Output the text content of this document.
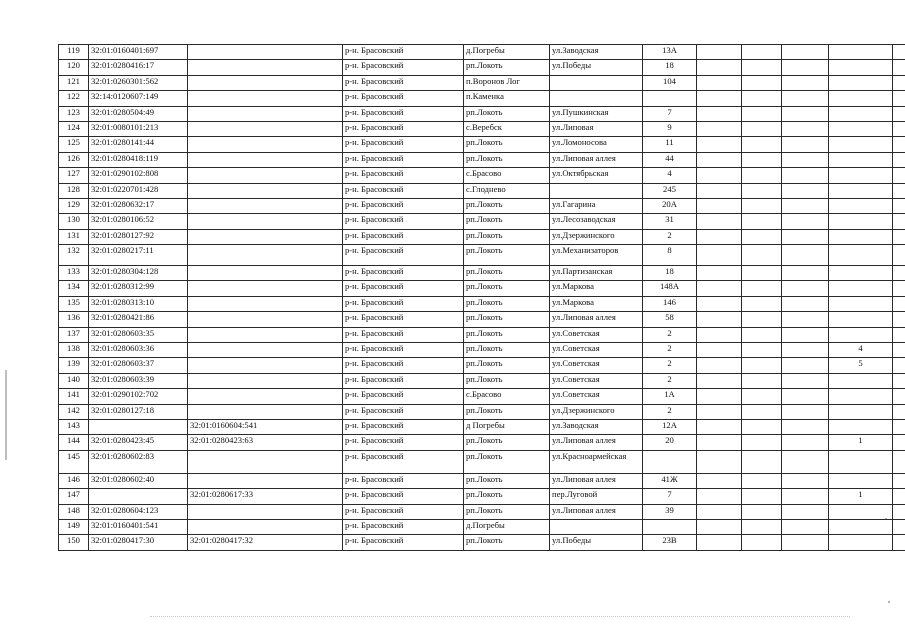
119	32:01:0160401:697		р-н. Брасовский	д.Погребы	ул.Заводская	13А					
120	32:01:0280416:17		р-н. Брасовский	рп.Локоть	ул.Победы	18					
121	32:01:0260301:562		р-н. Брасовский	п.Воронов Лог		104					
122	32:14:0120607:149		р-н. Брасовский	п.Каменка							
123	32:01:0280504:49		р-н. Брасовский	рп.Локоть	ул.Пушкинская	7					
124	32:01:0080101:213		р-н. Брасовский	с.Веребск	ул.Липовая	9					
125	32:01:0280141:44		р-н. Брасовский	рп.Локоть	ул.Ломоносова	11					
126	32:01:0280418:119		р-н. Брасовский	рп.Локоть	ул.Липовая аллея	44					
127	32:01:0290102:808		р-н. Брасовский	с.Брасово	ул.Октябрьская	4					
128	32:01:0220701:428		р-н. Брасовский	с.Глоднево		245					
129	32:01:0280632:17		р-н. Брасовский	рп.Локоть	ул.Гагарина	20А					
130	32:01:0280106:52		р-н. Брасовский	рп.Локоть	ул.Лесозаводская	31					
131	32:01:0280127:92		р-н. Брасовский	рп.Локоть	ул.Дзержинского	2					
132	32:01:0280217:11		р-н. Брасовский	рп.Локоть	ул.Механизаторов	8					
133	32:01:0280304:128		р-н. Брасовский	рп.Локоть	ул.Партизанская	18					
134	32:01:0280312:99		р-н. Брасовский	рп.Локоть	ул.Маркова	148А					
135	32:01:0280313:10		р-н. Брасовский	рп.Локоть	ул.Маркова	146					
136	32:01:0280421:86		р-н. Брасовский	рп.Локоть	ул.Липовая аллея	58					
137	32:01:0280603:35		р-н. Брасовский	рп.Локоть	ул.Советская	2					
138	32:01:0280603:36		р-н. Брасовский	рп.Локоть	ул.Советская	2				4	
139	32:01:0280603:37		р-н. Брасовский	рп.Локоть	ул.Советская	2				5	
140	32:01:0280603:39		р-н. Брасовский	рп.Локоть	ул.Советская	2					
141	32:01:0290102:702		р-н. Брасовский	с.Брасово	ул.Советская	1А					
142	32:01:0280127:18		р-н. Брасовский	рп.Локоть	ул.Дзержинского	2					
143		32:01:0160604:541	р-н. Брасовский	д Погребы	ул.Заводская	12А					
144	32:01:0280423:45	32:01:0280423:63	р-н. Брасовский	рп.Локоть	ул.Липовая аллея	20				1	
145	32:01:0280602:83		р-н. Брасовский	рп.Локоть	ул.Красноармейская						
146	32:01:0280602:40		р-н. Брасовский	рп.Локоть	ул.Липовая аллея	41Ж					
147		32:01:0280617:33	р-н. Брасовский	рп.Локоть	пер.Луговой	7				1	
148	32:01:0280604:123		р-н. Брасовский	рп.Локоть	ул.Липовая аллея	39					
149	32:01:0160401:541		р-н. Брасовский	д.Погребы							
150	32:01:0280417:30	32:01:0280417:32	р-н. Брасовский	рп.Локоть	ул.Победы	23В					
